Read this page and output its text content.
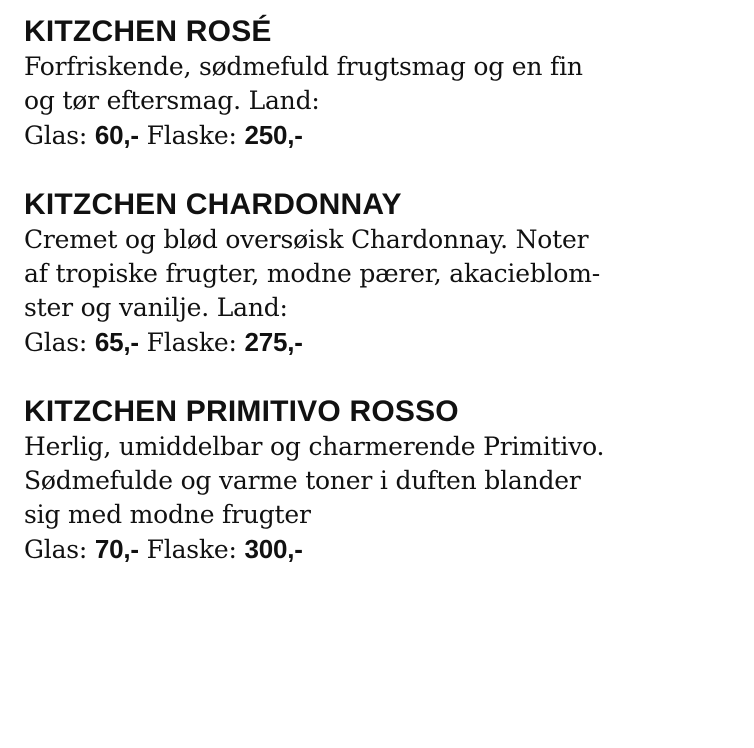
KITZCHEN ROSÉ

Forfriskende, sødmefuld frugtsmag og en fin
og tør eftersmag. Land:

Glas: 60,- Flaske: 250,-

KITZCHEN CHARDONNAY

Cremet og blød oversøisk Chardonnay. Noter
af tropiske frugter, modne pærer, akacieblom-
ster og vanilje. Land:

Glas: 65,- Flaske: 275,-

KITZCHEN PRIMITIVO ROSSO

Herlig, umiddelbar og charmerende Primitivo.
Sødmefulde og varme toner i duften blander
sig med modne frugter

Glas: 70,- Flaske: 300,-
